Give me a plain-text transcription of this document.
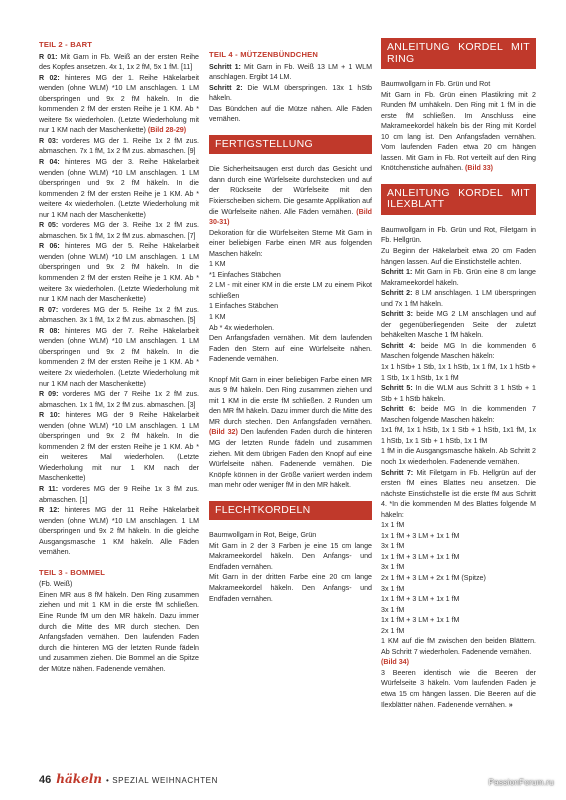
TEIL 2 - BART

R 01: Mit Garn in Fb. Weiß an der ersten Reihe des Kopfes ansetzen. 4x 1, 1x 2 fM, 5x 1 fM. [11]

R 02: hinteres MG der 1. Reihe Häkelarbeit wenden (ohne WLM) *10 LM anschlagen. 1 LM überspringen und 9x 2 fM häkeln. In die kommenden 2 fM der ersten Reihe je 1 KM. Ab * weitere 5x wiederholen. (Letzte Wiederholung mit nur 1 KM nach der Maschenkette) (Bild 28-29)

R 03: vorderes MG der 1. Reihe 1x 2 fM zus. abmaschen. 7x 1 fM, 1x 2 fM zus. abmaschen. [9]

R 04: hinteres MG der 3. Reihe Häkelarbeit wenden (ohne WLM) *10 LM anschlagen. 1 LM überspringen und 9x 2 fM häkeln. In die kommenden 2 fM der ersten Reihe je 1 KM. Ab * weitere 4x wiederholen. (Letzte Wiederholung mit nur 1 KM nach der Maschenkette)

R 05: vorderes MG der 3. Reihe 1x 2 fM zus. abmaschen. 5x 1 fM, 1x 2 fM zus. abmaschen. [7]

R 06: hinteres MG der 5. Reihe Häkelarbeit wenden (ohne WLM) *10 LM anschlagen. 1 LM überspringen und 9x 2 fM häkeln. In die kommenden 2 fM der ersten Reihe je 1 KM. Ab * weitere 3x wiederholen. (Letzte Wiederholung mit nur 1 KM nach der Maschenkette)

R 07: vorderes MG der 5. Reihe 1x 2 fM zus. abmaschen. 3x 1 fM, 1x 2 fM zus. abmaschen. [5]

R 08: hinteres MG der 7. Reihe Häkelarbeit wenden (ohne WLM) *10 LM anschlagen. 1 LM überspringen und 9x 2 fM häkeln. In die kommenden 2 fM der ersten Reihe je 1 KM. Ab * weitere 2x wiederholen. (Letzte Wiederholung mit nur 1 KM nach der Maschenkette)

R 09: vorderes MG der 7 Reihe 1x 2 fM zus. abmaschen. 1x 1 fM, 1x 2 fM zus. abmaschen. [3]

R 10: hinteres MG der 9 Reihe Häkelarbeit wenden (ohne WLM) *10 LM anschlagen. 1 LM überspringen und 9x 2 fM häkeln. In die kommenden 2 fM der ersten Reihe je 1 KM. Ab * ein weiteres Mal wiederholen. (Letzte Wiederholung mit nur 1 KM nach der Maschenkette)

R 11: vorderes MG der 9 Reihe 1x 3 fM zus. abmaschen. [1]

R 12: hinteres MG der 11 Reihe Häkelarbeit wenden (ohne WLM) *10 LM anschlagen. 1 LM überspringen und 9x 2 fM häkeln. In die gleiche Ausgangsmasche 1 KM häkeln. Alle Fäden vernähen.

TEIL 3 - BOMMEL

(Fb. Weiß)

Einen MR aus 8 fM häkeln. Den Ring zusammen ziehen und mit 1 KM in die erste fM schließen. Eine Runde fM um den MR häkeln. Dazu immer durch die Mitte des MR durch stechen. Den Anfangsfaden vernähen. Den laufenden Faden durch die hinteren MG der letzten Runde fädeln und zusammen ziehen. Die Bommel an die Spitze der Mütze nähen. Fadenende vernähen.

TEIL 4 - MÜTZENBÜNDCHEN

Schritt 1: Mit Garn in Fb. Weiß 13 LM + 1 WLM anschlagen. Ergibt 14 LM.

Schritt 2: Die WLM überspringen. 13x 1 hStb häkeln.

Das Bündchen auf die Mütze nähen. Alle Fäden vernähen.

FERTIGSTELLUNG

Die Sicherheitsaugen erst durch das Gesicht und dann durch eine Würfelseite durchstecken und auf der Rückseite der Würfelseite mit den Fixierscheiben sichern. Die gesamte Applikation auf die Würfelseite nähen. Alle Fäden vernähen. (Bild 30-31)

Dekoration für die Würfelseiten Sterne Mit Garn in einer beliebigen Farbe einen MR aus folgenden Maschen häkeln:

1 KM

*1 Einfaches Stäbchen

2 LM - mit einer KM in die erste LM zu einem Pikot schließen

1 Einfaches Stäbchen

1 KM

Ab * 4x wiederholen.

Den Anfangsfaden vernähen. Mit dem laufenden Faden den Stern auf eine Würfelseite nähen. Fadenende vernähen.

Knopf Mit Garn in einer beliebigen Farbe einen MR aus 9 fM häkeln. Den Ring zusammen ziehen und mit 1 KM in die erste fM schließen. 2 Runden um den MR fM häkeln. Dazu immer durch die Mitte des MR durch stechen. Den Anfangsfaden vernähen. (Bild 32) Den laufenden Faden durch die hinteren MG der letzten Runde fädeln und zusammen ziehen. Mit dem übrigen Faden den Knopf auf eine Würfelseite nähen. Fadenende vernähen. Die Knöpfe können in der Größe variiert werden indem man mehr oder weniger fM in den MR häkelt.

FLECHTKORDELN

Baumwollgarn in Rot, Beige, Grün

Mit Garn in 2 der 3 Farben je eine 15 cm lange Makrameekordel häkeln. Den Anfangs- und Endfaden vernähen.

Mit Garn in der dritten Farbe eine 20 cm lange Makrameekordel häkeln. Den Anfangs- und Endfaden vernähen.

ANLEITUNG KORDEL MIT RING

Baumwollgarn in Fb. Grün und Rot

Mit Garn in Fb. Grün einen Plastikring mit 2 Runden fM umhäkeln. Den Ring mit 1 fM in die erste fM schließen. Im Anschluss eine Makrameekordel häkeln bis der Ring mit Kordel 10 cm lang ist. Den Anfangsfaden vernähen. Vom laufenden Faden etwa 20 cm hängen lassen. Mit Garn in Fb. Rot verteilt auf den Ring Knötchenstiche aufnähen. (Bild 33)

ANLEITUNG KORDEL MIT ILEXBLATT

Baumwollgarn in Fb. Grün und Rot, Filetgarn in Fb. Hellgrün.

Zu Beginn der Häkelarbeit etwa 20 cm Faden hängen lassen. Auf die Einstichstelle achten.

Schritt 1: Mit Garn in Fb. Grün eine 8 cm lange Makrameekordel häkeln.

Schritt 2: 8 LM anschlagen. 1 LM überspringen und 7x 1 fM häkeln.

Schritt 3: beide MG 2 LM anschlagen und auf der gegenüberliegenden Seite der zuletzt behäkelten Masche 1 fM häkeln.

Schritt 4: beide MG In die kommenden 6 Maschen folgende Maschen häkeln:

1x 1 hStb+ 1 Stb, 1x 1 hStb, 1x 1 fM, 1x 1 hStb + 1 Stb, 1x 1 hStb, 1x 1 fM

Schritt 5: In die WLM aus Schritt 3 1 hStb + 1 Stb + 1 hStb häkeln.

Schritt 6: beide MG In die kommenden 7 Maschen folgende Maschen häkeln:

1x1 fM, 1x 1 hStb, 1x 1 Stb + 1 hStb, 1x1 fM, 1x 1 hStb, 1x 1 Stb + 1 hStb, 1x 1 fM

1 fM in die Ausgangsmasche häkeln. Ab Schritt 2 noch 1x wiederholen. Fadenende vernähen.

Schritt 7: Mit Filetgarn in Fb. Hellgrün auf der ersten fM eines Blattes neu ansetzen. Die nächste Einstichstelle ist die erste fM aus Schritt 4. *In die kommenden M des Blattes folgende M häkeln:

1x 1 fM

1x 1 fM + 3 LM + 1x 1 fM

3x 1 fM

1x 1 fM + 3 LM + 1x 1 fM

3x 1 fM

2x 1 fM + 3 LM + 2x 1 fM (Spitze)

3x 1 fM

1x 1 fM + 3 LM + 1x 1 fM

3x 1 fM

1x 1 fM + 3 LM + 1x 1 fM

2x 1 fM

1 KM auf die fM zwischen den beiden Blättern. Ab Schritt 7 wiederholen. Fadenende vernähen.

(Bild 34)

3 Beeren identisch wie die Beeren der Würfelseite 3 häkeln. Vom laufenden Faden je etwa 15 cm hängen lassen. Die Beeren auf die Ilexblätter nähen. Fadenende vernähen. »

46 häkeln • SPEZIAL WEIHNACHTEN	PassionForum.ru
